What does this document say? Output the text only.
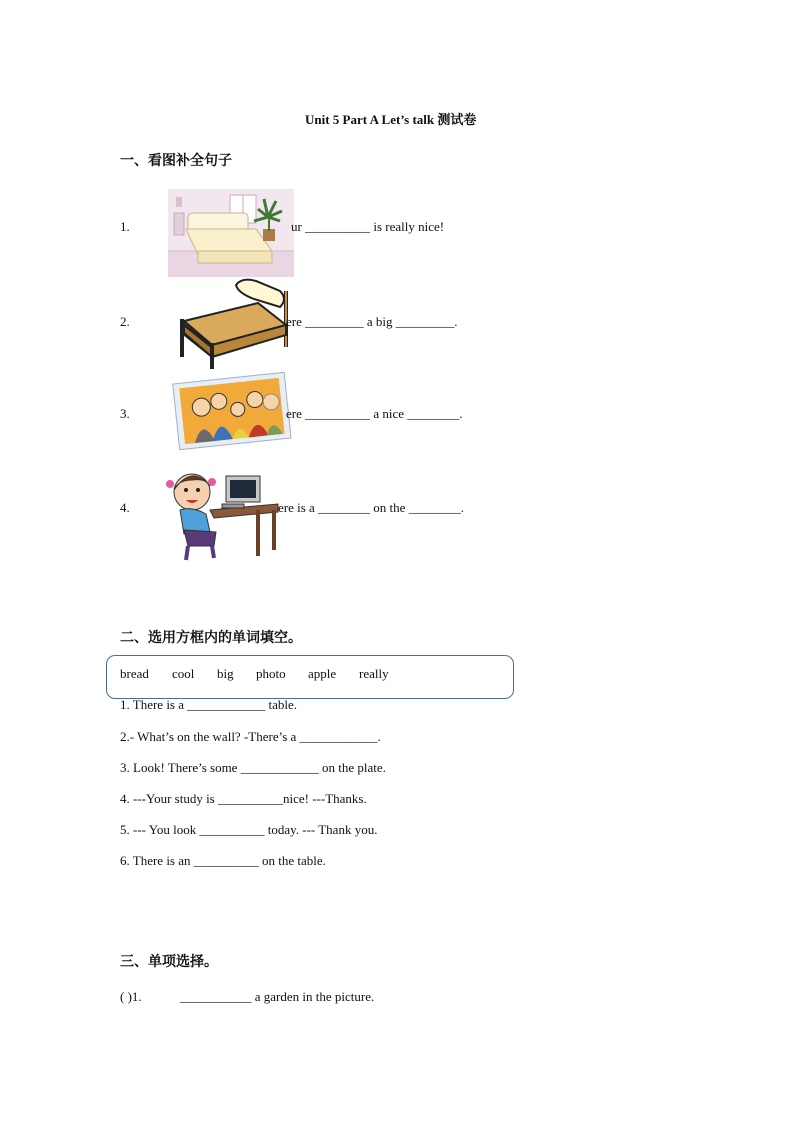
Unit 5 Part A Let’s talk 测试卷
一、看图补全句子
1.	ur __________ is really nice!
2.	ere _________ a big _________.
3.	ere __________ a nice ________.
4.	ere is a ________ on the ________.
二、选用方框内的单词填空。
bread cool big photo apple really
1. There is a ____________ table.
2.- What’s on the wall? -There’s a ____________.
3. Look! There’s some ____________ on the plate.
4. ---Your study is __________nice! ---Thanks.
5. --- You look __________ today. --- Thank you.
6. There is an __________ on the table.
三、单项选择。
( )1.	___________ a garden in the picture.
